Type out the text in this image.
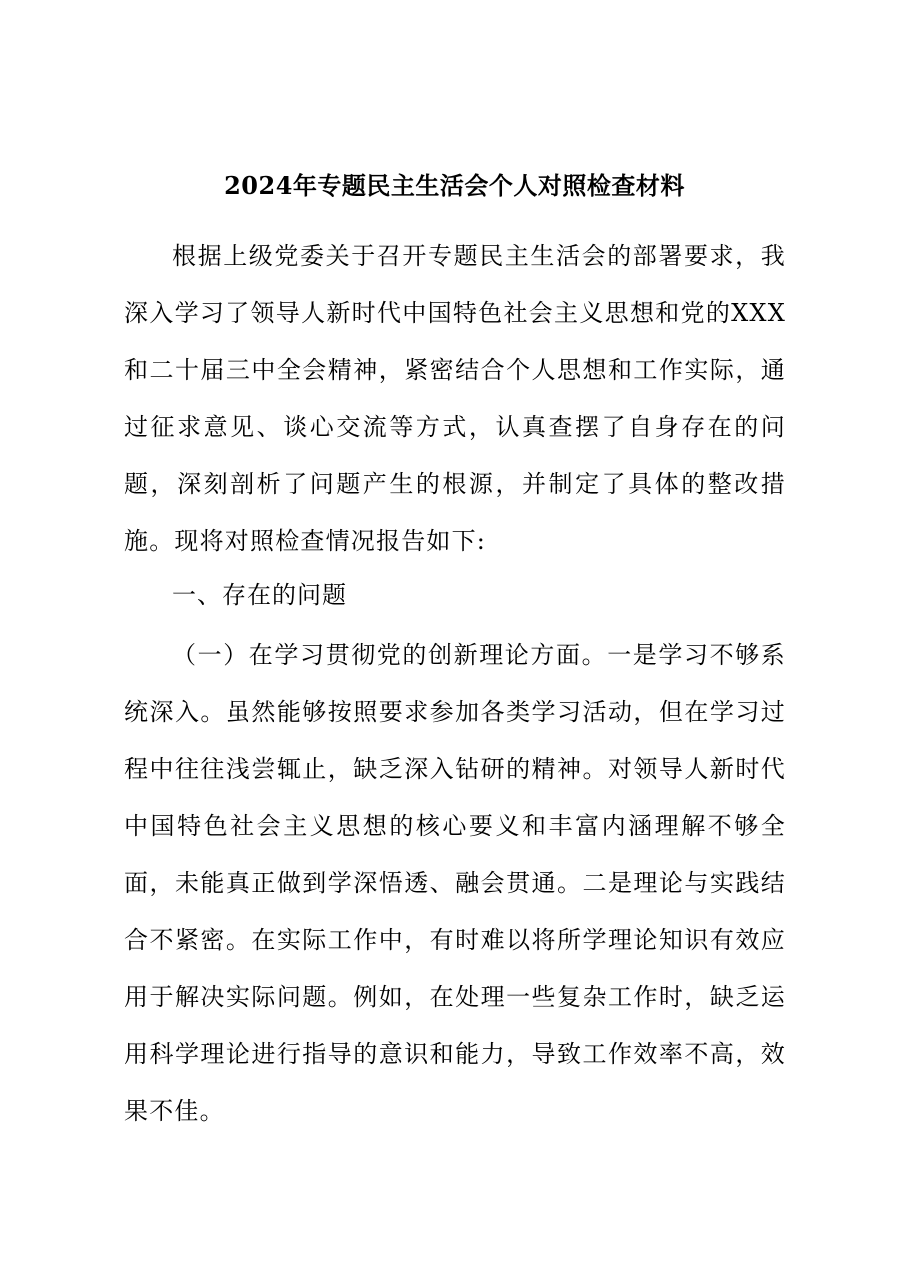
2024年专题民主生活会个人对照检查材料

根据上级党委关于召开专题民主生活会的部署要求，我深入学习了领导人新时代中国特色社会主义思想和党的XXX和二十届三中全会精神，紧密结合个人思想和工作实际，通过征求意见、谈心交流等方式，认真查摆了自身存在的问题，深刻剖析了问题产生的根源，并制定了具体的整改措施。现将对照检查情况报告如下:

一、存在的问题

（一）在学习贯彻党的创新理论方面。一是学习不够系统深入。虽然能够按照要求参加各类学习活动，但在学习过程中往往浅尝辄止，缺乏深入钻研的精神。对领导人新时代中国特色社会主义思想的核心要义和丰富内涵理解不够全面，未能真正做到学深悟透、融会贯通。二是理论与实践结合不紧密。在实际工作中，有时难以将所学理论知识有效应用于解决实际问题。例如，在处理一些复杂工作时，缺乏运用科学理论进行指导的意识和能力，导致工作效率不高，效果不佳。
